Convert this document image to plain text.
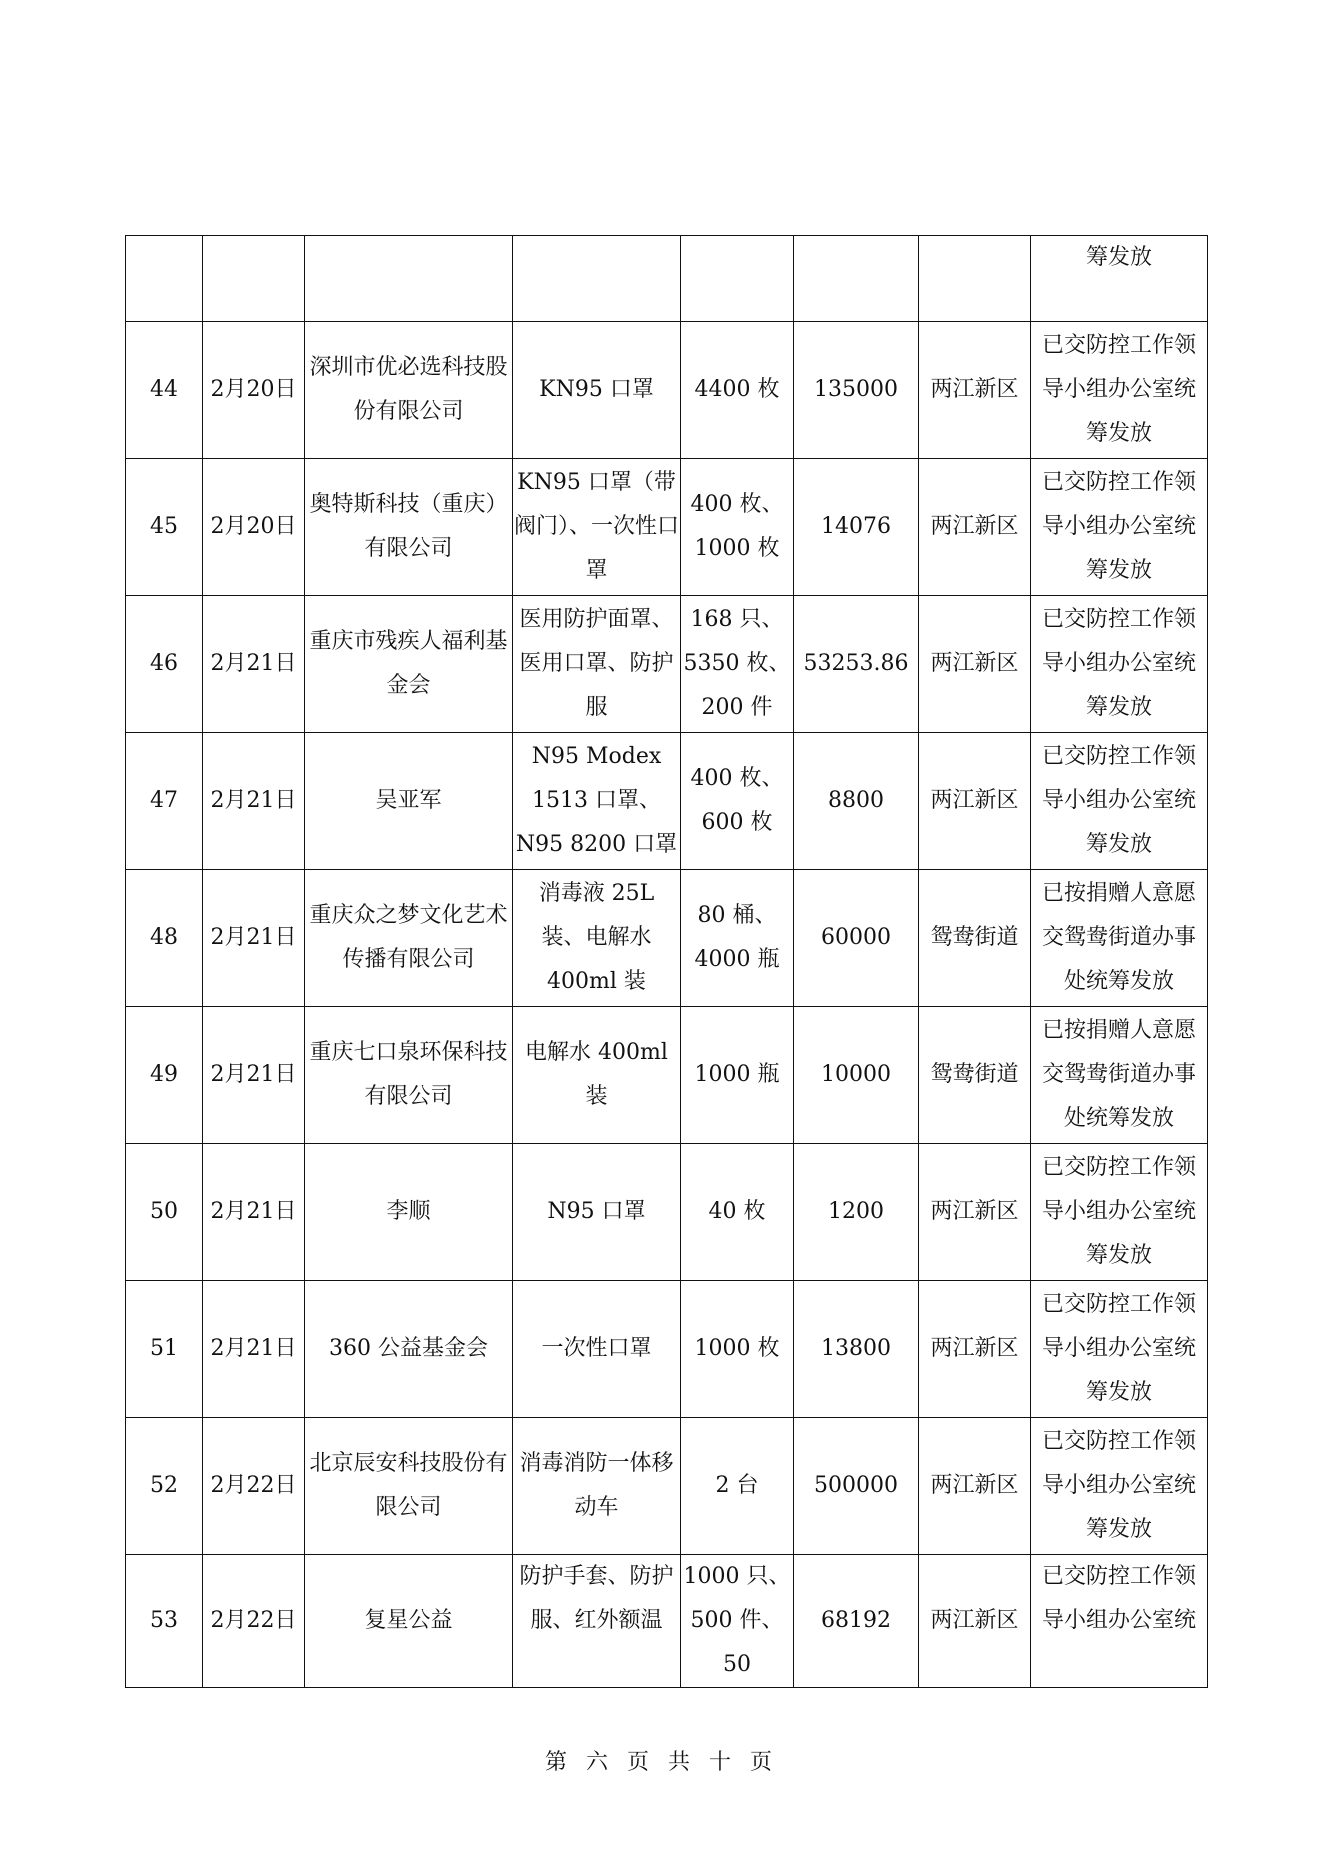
							筹发放
44	2月20日	深圳市优必选科技股份有限公司	KN95 口罩	4400 枚	135000	两江新区	已交防控工作领导小组办公室统筹发放
45	2月20日	奥特斯科技（重庆）有限公司	KN95 口罩（带阀门）、一次性口罩	400 枚、1000 枚	14076	两江新区	已交防控工作领导小组办公室统筹发放
46	2月21日	重庆市残疾人福利基金会	医用防护面罩、医用口罩、防护服	168 只、5350 枚、200 件	53253.86	两江新区	已交防控工作领导小组办公室统筹发放
47	2月21日	吴亚军	N95 Modex 1513 口罩、N95 8200 口罩	400 枚、600 枚	8800	两江新区	已交防控工作领导小组办公室统筹发放
48	2月21日	重庆众之梦文化艺术传播有限公司	消毒液 25L 装、电解水 400ml 装	80 桶、4000 瓶	60000	鸳鸯街道	已按捐赠人意愿交鸳鸯街道办事处统筹发放
49	2月21日	重庆七口泉环保科技有限公司	电解水 400ml 装	1000 瓶	10000	鸳鸯街道	已按捐赠人意愿交鸳鸯街道办事处统筹发放
50	2月21日	李顺	N95 口罩	40 枚	1200	两江新区	已交防控工作领导小组办公室统筹发放
51	2月21日	360 公益基金会	一次性口罩	1000 枚	13800	两江新区	已交防控工作领导小组办公室统筹发放
52	2月22日	北京辰安科技股份有限公司	消毒消防一体移动车	2 台	500000	两江新区	已交防控工作领导小组办公室统筹发放
53	2月22日	复星公益	防护手套、防护服、红外额温	1000 只、500 件、50	68192	两江新区	已交防控工作领导小组办公室统
第 六 页 共 十 页
